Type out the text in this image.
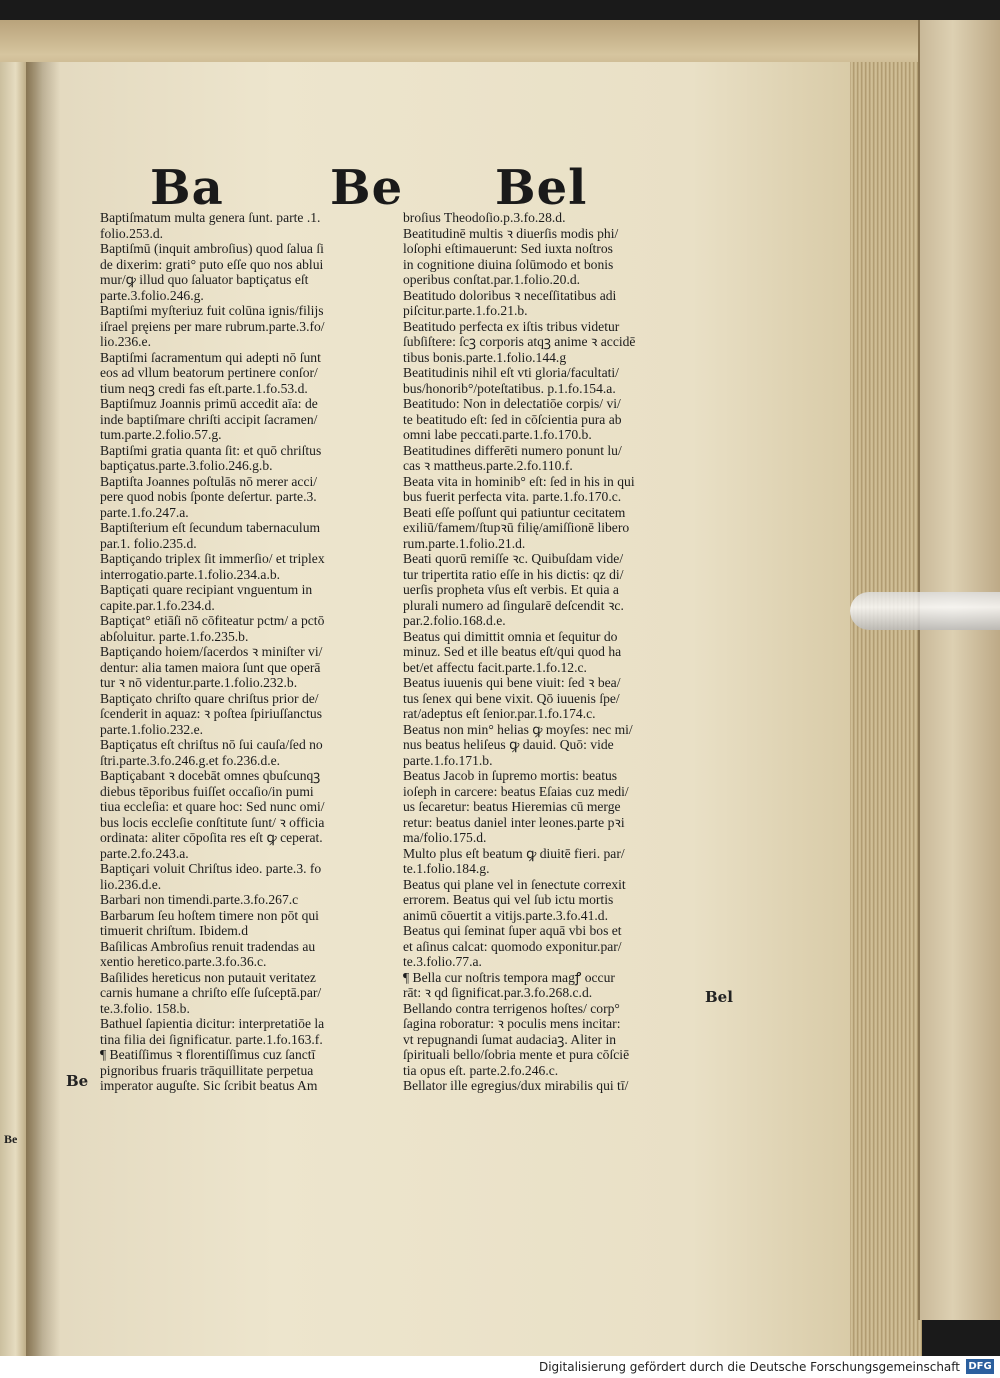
Be
Ba Be Bel
Baptiſmatum multa genera ſunt. parte .1.
folio.253.d.
Baptiſmū (inquit ambroſius) quod ſalua ſi
de dixerim: grati° puto eſſe quo nos ablui
mur/ꝙ illud quo ſaluator baptiçatus eſt
parte.3.folio.246.g.
Baptiſmi myſteriuz fuit colūna ignis/filijs
iſrael pręiens per mare rubrum.parte.3.fo/
lio.236.e.
Baptiſmi ſacramentum qui adepti nō ſunt
eos ad vllum beatorum pertinere conſor/
tium neqꝫ credi fas eſt.parte.1.fo.53.d.
Baptiſmuz Joannis primū accedit aīa: de
inde baptiſmare chriſti accipit ſacramen/
tum.parte.2.folio.57.g.
Baptiſmi gratia quanta ſit: et quō chriſtus
baptiçatus.parte.3.folio.246.g.b.
Baptiſta Joannes poſtulās nō merer acci/
pere quod nobis ſponte deſertur. parte.3.
parte.1.fo.247.a.
Baptiſterium eſt ſecundum tabernaculum
par.1. folio.235.d.
Baptiçando triplex ſit immerſio/ et triplex
interrogatio.parte.1.folio.234.a.b.
Baptiçati quare recipiant vnguentum in
capite.par.1.fo.234.d.
Baptiçat° etiāſi nō cōfiteatur pctm/ a pctō
abſoluitur. parte.1.fo.235.b.
Baptiçando hoiem/ſacerdos ꝛ miniſter vi/
dentur: alia tamen maiora ſunt que operā
tur ꝛ nō videntur.parte.1.folio.232.b.
Baptiçato chriſto quare chriſtus prior de/
ſcenderit in aquaz: ꝛ poſtea ſpiriuſſanctus
parte.1.folio.232.e.
Baptiçatus eſt chriſtus nō ſui cauſa/ſed no
ſtri.parte.3.fo.246.g.et fo.236.d.e.
Baptiçabant ꝛ docebāt omnes qbuſcunqꝫ
diebus tēporibus fuiſſet occaſio/in pumi
tiua eccleſia: et quare hoc: Sed nunc omi/
bus locis eccleſie conſtitute ſunt/ ꝛ officia
ordinata: aliter cōpoſita res eſt ꝙ ceperat.
parte.2.fo.243.a.
Baptiçari voluit Chriſtus ideo. parte.3. fo
lio.236.d.e.
Barbari non timendi.parte.3.fo.267.c
Barbarum ſeu hoſtem timere non pōt qui
timuerit chriſtum. Ibidem.d
Baſilicas Ambroſius renuit tradendas au
xentio heretico.parte.3.fo.36.c.
Baſilides hereticus non putauit veritatez
carnis humane a chriſto eſſe ſuſceptā.par/
te.3.folio. 158.b.
Bathuel ſapientia dicitur: interpretatiōe la
tina filia dei ſignificatur. parte.1.fo.163.f.
¶ Beatiſſimus ꝛ florentiſſimus cuz ſanctī
pignoribus fruaris trāquillitate perpetua
imperator auguſte. Sic ſcribit beatus Am
broſius Theodoſio.p.3.fo.28.d.
Beatitudinē multis ꝛ diuerſis modis phi/
loſophi eſtimauerunt: Sed iuxta noſtros
in cognitione diuina ſolūmodo et bonis
operibus conſtat.par.1.folio.20.d.
Beatitudo doloribus ꝛ neceſſitatibus adi
piſcitur.parte.1.fo.21.b.
Beatitudo perfecta ex iſtis tribus videtur
ſubſiſtere: ſcꝫ corporis atqꝫ anime ꝛ accidē
tibus bonis.parte.1.folio.144.g
Beatitudinis nihil eſt vti gloria/facultati/
bus/honorib°/poteſtatibus. p.1.fo.154.a.
Beatitudo: Non in delectatiōe corpis/ vi/
te beatitudo eſt: ſed in cōſcientia pura ab
omni labe peccati.parte.1.fo.170.b.
Beatitudines differēti numero ponunt lu/
cas ꝛ mattheus.parte.2.fo.110.f.
Beata vita in hominib° eſt: ſed in his in qui
bus fuerit perfecta vita. parte.1.fo.170.c.
Beati eſſe poſſunt qui patiuntur cecitatem
exiliū/famem/ſtupꝛū filię/amiſſionē libero
rum.parte.1.folio.21.d.
Beati quorū remiſſe ꝛc. Quibuſdam vide/
tur tripertita ratio eſſe in his dictis: qz di/
uerſis propheta vſus eſt verbis. Et quia a
plurali numero ad ſingularē deſcendit ꝛc.
par.2.folio.168.d.e.
Beatus qui dimittit omnia et ſequitur do
minuz. Sed et ille beatus eſt/qui quod ha
bet/et affectu facit.parte.1.fo.12.c.
Beatus iuuenis qui bene viuit: ſed ꝛ bea/
tus ſenex qui bene vixit. Qō iuuenis ſpe/
rat/adeptus eſt ſenior.par.1.fo.174.c.
Beatus non min° helias ꝙ moyſes: nec mi/
nus beatus heliſeus ꝙ dauid. Quō: vide
parte.1.fo.171.b.
Beatus Jacob in ſupremo mortis: beatus
ioſeph in carcere: beatus Eſaias cuz medi/
us ſecaretur: beatus Hieremias cū merge
retur: beatus daniel inter leones.parte pꝛi
ma/folio.175.d.
Multo plus eſt beatum ꝙ diuitē fieri. par/
te.1.folio.184.g.
Beatus qui plane vel in ſenectute correxit
errorem. Beatus qui vel ſub ictu mortis
animū cōuertit a vitijs.parte.3.fo.41.d.
Beatus qui ſeminat ſuper aquā vbi bos et
et aſinus calcat: quomodo exponitur.par/
te.3.folio.77.a.
¶ Bella cur noſtris tempora magꝭ occur
rāt: ꝛ qd ſignificat.par.3.fo.268.c.d.
Bellando contra terrigenos hoſtes/ corp°
ſagina roboratur: ꝛ poculis mens incitar:
vt repugnandi ſumat audaciaꝫ. Aliter in
ſpirituali bello/ſobria mente et pura cōſciē
tia opus eſt. parte.2.fo.246.c.
Bellator ille egregius/dux mirabilis qui tī/
Be
Bel
Digitalisierung gefördert durch die Deutsche Forschungsgemeinschaft DFG
